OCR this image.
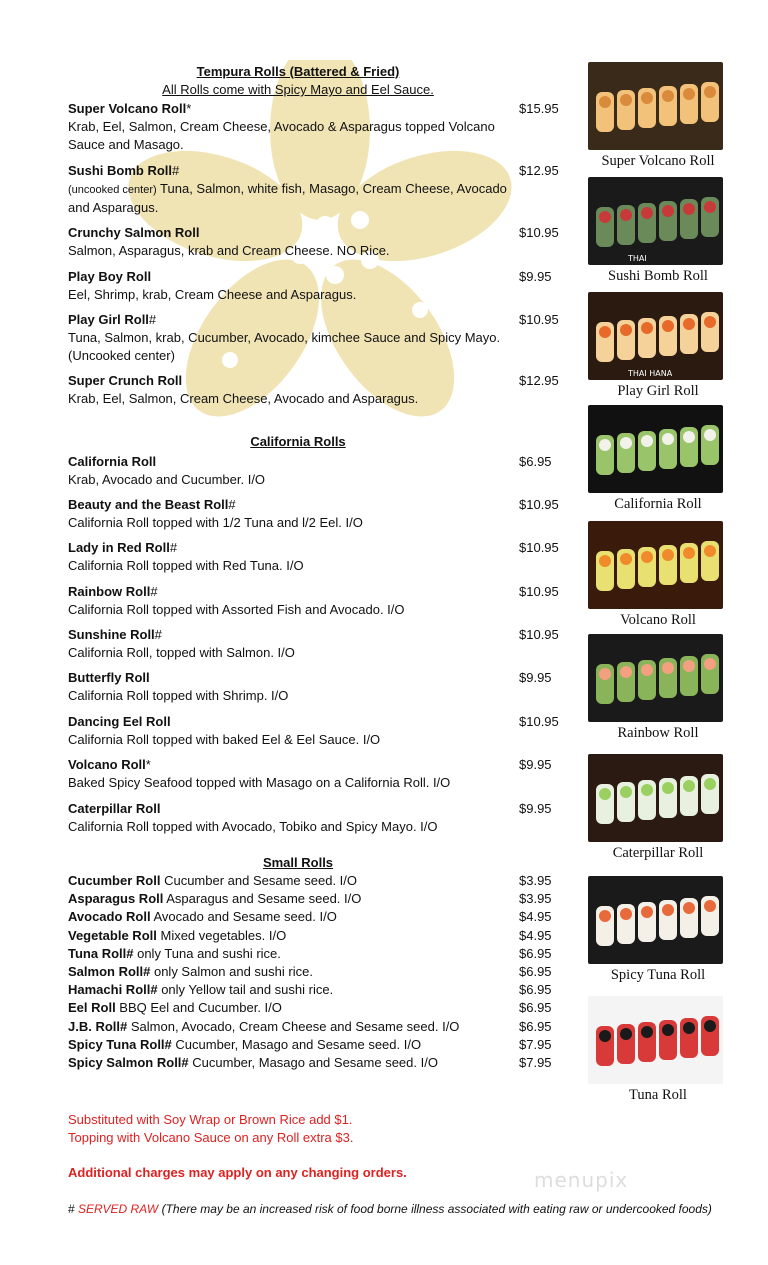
Tempura Rolls (Battered & Fried)
All Rolls come with Spicy Mayo and Eel Sauce.
Super Volcano Roll*	$15.95
Krab, Eel, Salmon, Cream Cheese, Avocado & Asparagus topped Volcano Sauce and Masago.
Sushi Bomb Roll#	$12.95
(uncooked center) Tuna, Salmon, white fish, Masago, Cream Cheese, Avocado and Asparagus.
Crunchy Salmon Roll	$10.95
Salmon, Asparagus, krab and Cream Cheese. NO Rice.
Play Boy Roll	$9.95
Eel, Shrimp, krab, Cream Cheese and Asparagus.
Play Girl Roll#	$10.95
Tuna, Salmon, krab, Cucumber, Avocado, kimchee Sauce and Spicy Mayo. (Uncooked center)
Super Crunch Roll	$12.95
Krab, Eel, Salmon, Cream Cheese, Avocado and Asparagus.
California Rolls
California Roll	$6.95
Krab, Avocado and Cucumber. I/O
Beauty and the Beast Roll#	$10.95
California Roll topped with 1/2 Tuna and l/2 Eel. I/O
Lady in Red Roll#	$10.95
California Roll topped with Red Tuna. I/O
Rainbow Roll#	$10.95
California Roll topped with Assorted Fish and Avocado. I/O
Sunshine Roll#	$10.95
California Roll, topped with Salmon. I/O
Butterfly Roll	$9.95
California Roll topped with Shrimp. I/O
Dancing Eel Roll	$10.95
California Roll topped with baked Eel & Eel Sauce. I/O
Volcano Roll*	$9.95
Baked Spicy Seafood topped with Masago on a California Roll. I/O
Caterpillar Roll	$9.95
California Roll topped with Avocado, Tobiko and Spicy Mayo. I/O
Small Rolls
Cucumber Roll Cucumber and Sesame seed. I/O	$3.95
Asparagus Roll Asparagus and Sesame seed. I/O	$3.95
Avocado Roll Avocado and Sesame seed. I/O	$4.95
Vegetable Roll Mixed vegetables. I/O	$4.95
Tuna Roll# only Tuna and sushi rice.	$6.95
Salmon Roll# only Salmon and sushi rice.	$6.95
Hamachi Roll# only Yellow tail and sushi rice.	$6.95
Eel Roll BBQ Eel and Cucumber. I/O	$6.95
J.B. Roll# Salmon, Avocado, Cream Cheese and Sesame seed. I/O	$6.95
Spicy Tuna Roll# Cucumber, Masago and Sesame seed. I/O	$7.95
Spicy Salmon Roll# Cucumber, Masago and Sesame seed. I/O	$7.95
Substituted with Soy Wrap or Brown Rice add $1.
Topping with Volcano Sauce on any Roll extra $3.
Additional charges may apply on any changing orders.
# SERVED RAW (There may be an increased risk of food borne illness associated with eating raw or undercooked foods)
menupix
Super Volcano Roll
THAI
Sushi Bomb Roll
THAI HANA
Play Girl Roll
California Roll
Volcano Roll
Rainbow Roll
Caterpillar Roll
Spicy Tuna Roll
Tuna Roll
